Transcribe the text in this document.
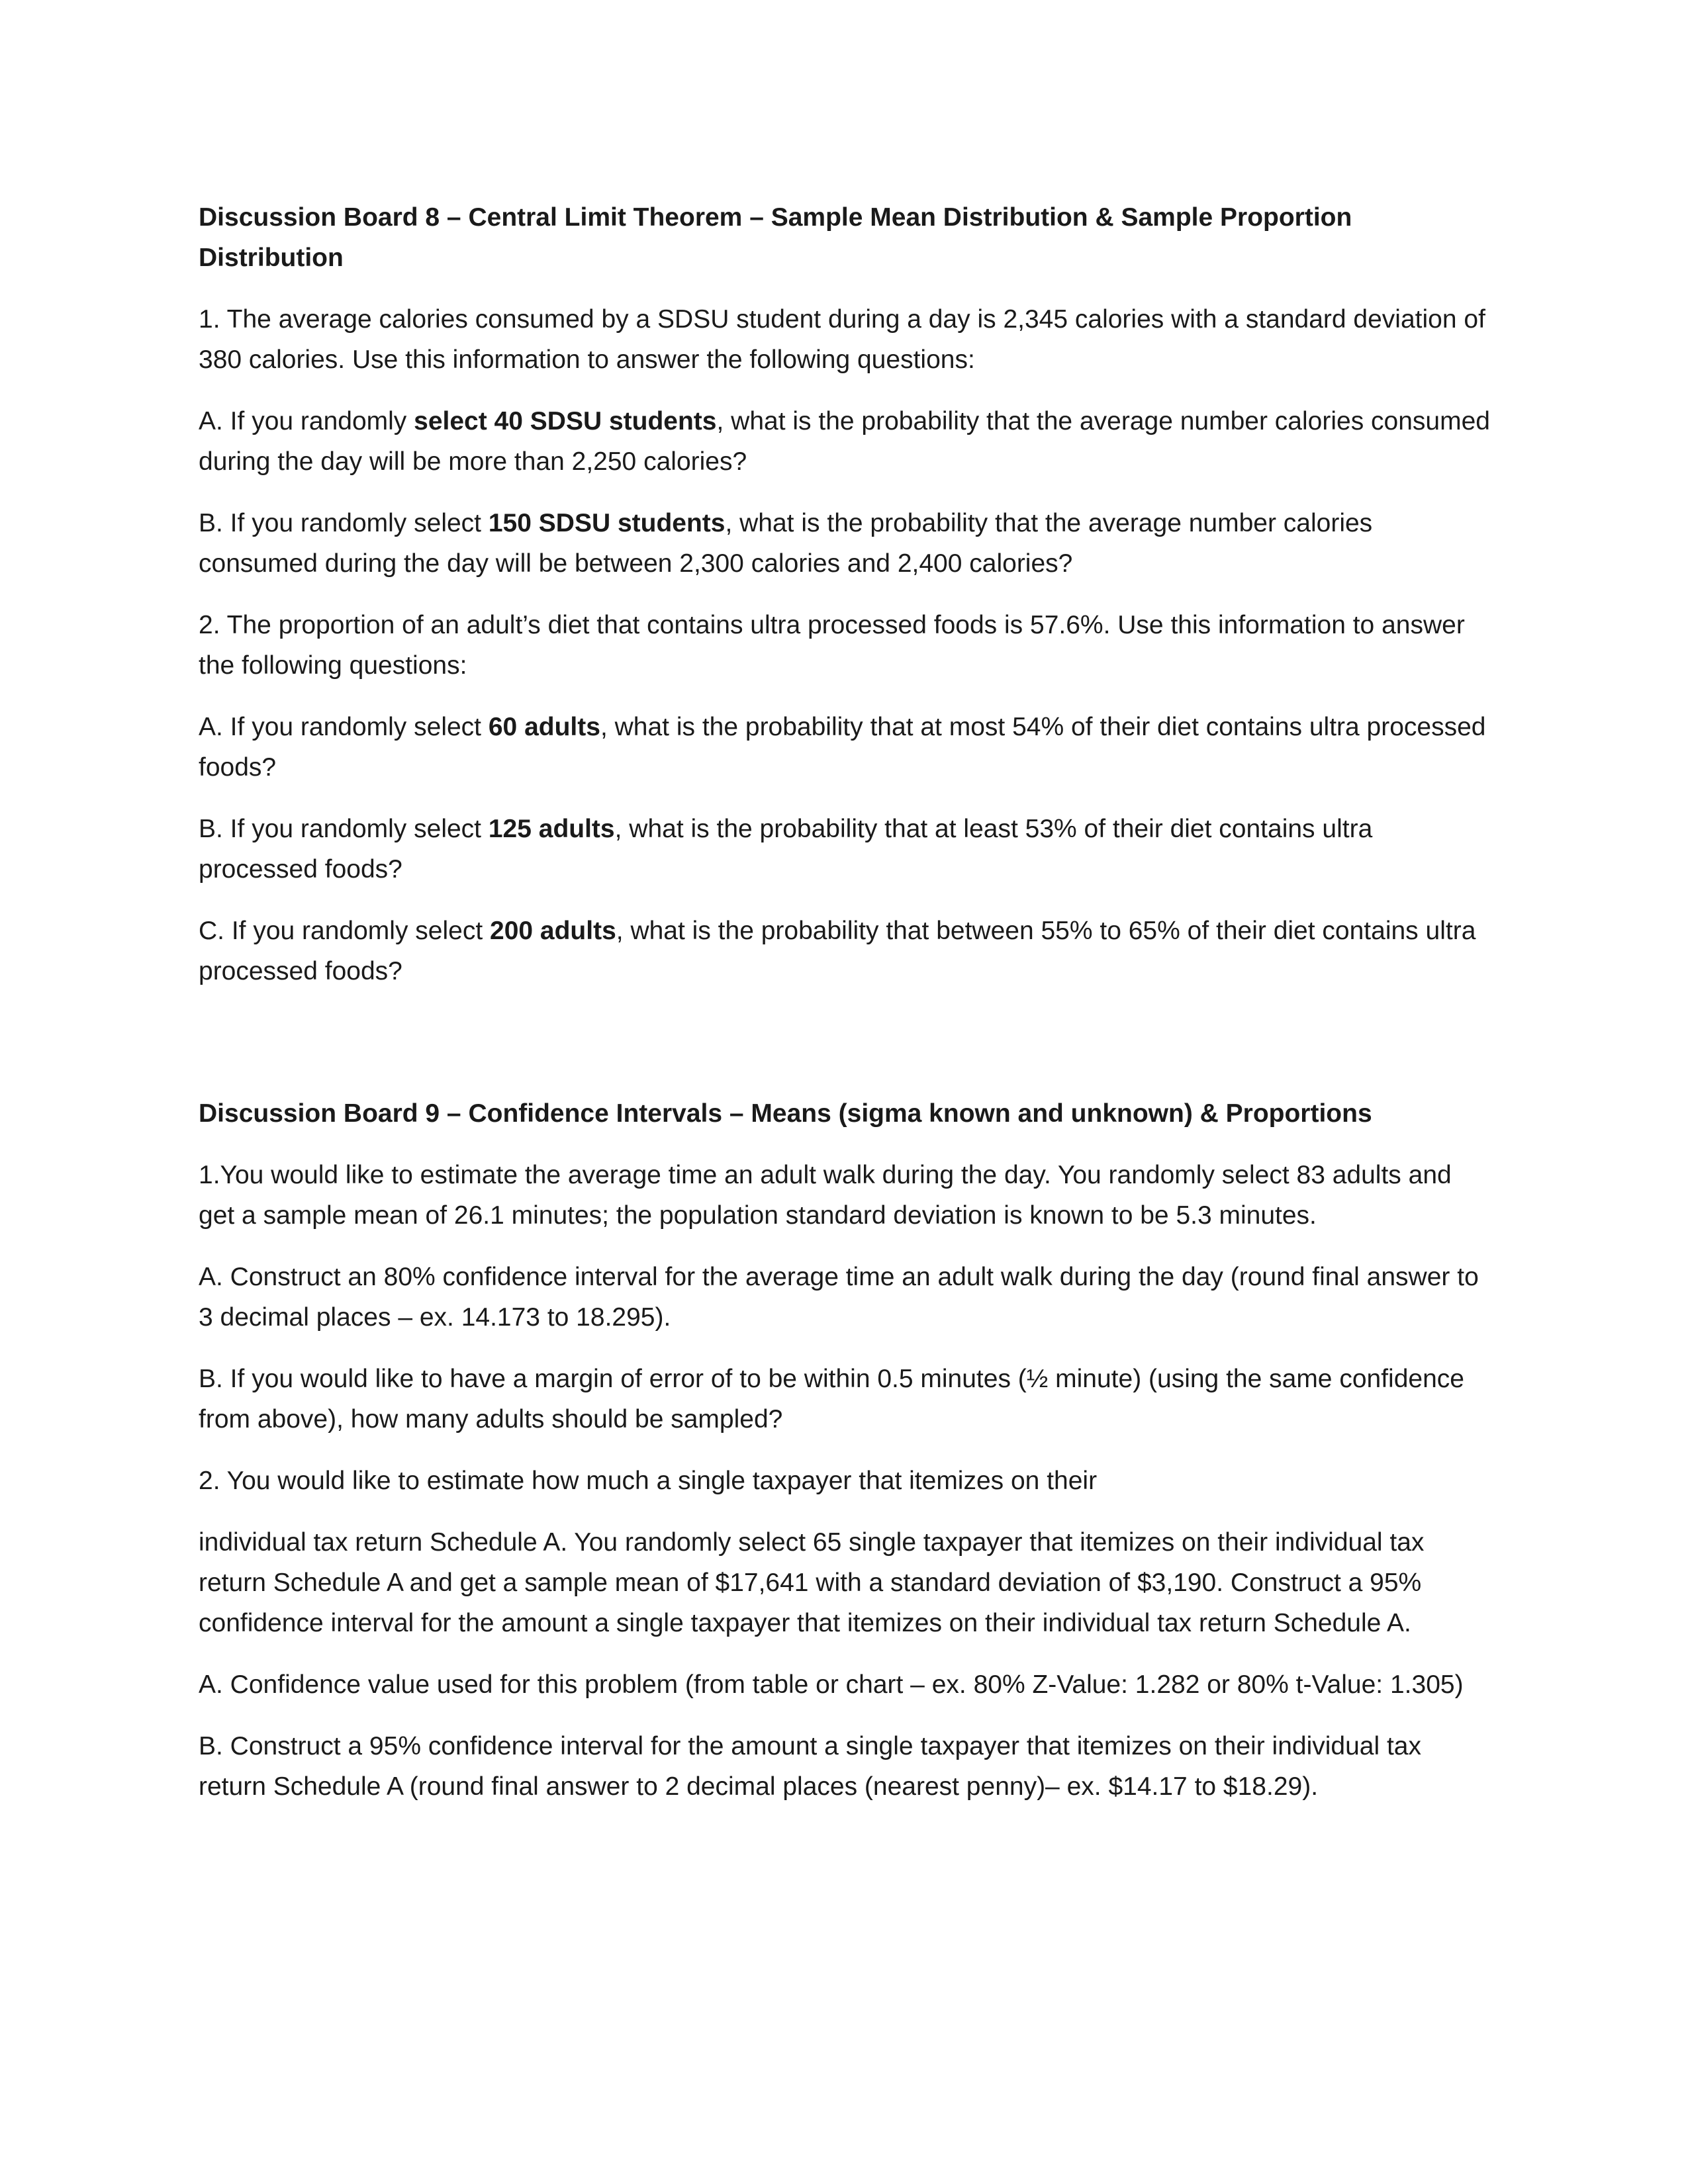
Discussion Board 8 – Central Limit Theorem – Sample Mean Distribution & Sample Proportion Distribution

1. The average calories consumed by a SDSU student during a day is 2,345 calories with a standard deviation of 380 calories. Use this information to answer the following questions:

A. If you randomly select 40 SDSU students, what is the probability that the average number calories consumed during the day will be more than 2,250 calories?

B. If you randomly select 150 SDSU students, what is the probability that the average number calories consumed during the day will be between 2,300 calories and 2,400 calories?

2. The proportion of an adult’s diet that contains ultra processed foods is 57.6%. Use this information to answer the following questions:

A. If you randomly select 60 adults, what is the probability that at most 54% of their diet contains ultra processed foods?

B. If you randomly select 125 adults, what is the probability that at least 53% of their diet contains ultra processed foods?

C. If you randomly select 200 adults, what is the probability that between 55% to 65% of their diet contains ultra processed foods?

Discussion Board 9 – Confidence Intervals – Means (sigma known and unknown) & Proportions

1.You would like to estimate the average time an adult walk during the day. You randomly select 83 adults and get a sample mean of 26.1 minutes; the population standard deviation is known to be 5.3 minutes.

A. Construct an 80% confidence interval for the average time an adult walk during the day (round final answer to 3 decimal places – ex. 14.173 to 18.295).

B. If you would like to have a margin of error of to be within 0.5 minutes (½ minute) (using the same confidence from above), how many adults should be sampled?

2. You would like to estimate how much a single taxpayer that itemizes on their

individual tax return Schedule A. You randomly select 65 single taxpayer that itemizes on their individual tax return Schedule A and get a sample mean of $17,641 with a standard deviation of $3,190. Construct a 95% confidence interval for the amount a single taxpayer that itemizes on their individual tax return Schedule A.

A. Confidence value used for this problem (from table or chart – ex. 80% Z-Value: 1.282 or 80% t-Value: 1.305)

B. Construct a 95% confidence interval for the amount a single taxpayer that itemizes on their individual tax return Schedule A (round final answer to 2 decimal places (nearest penny)– ex. $14.17 to $18.29).
